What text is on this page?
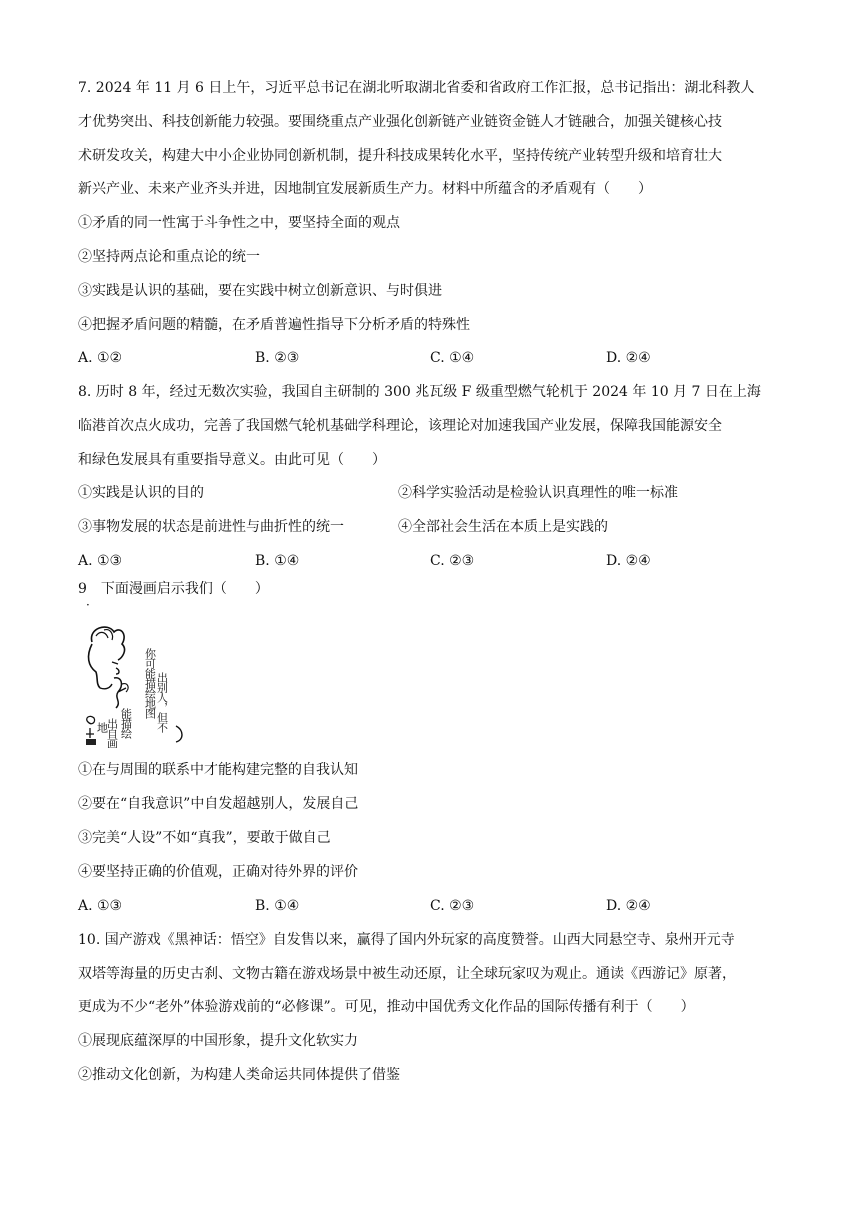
7. 2024 年 11 月 6 日上午，习近平总书记在湖北听取湖北省委和省政府工作汇报，总书记指出：湖北科教人
才优势突出、科技创新能力较强。要围绕重点产业强化创新链产业链资金链人才链融合，加强关键核心技
术研发攻关，构建大中小企业协同创新机制，提升科技成果转化水平，坚持传统产业转型升级和培育壮大
新兴产业、未来产业齐头并进，因地制宜发展新质生产力。材料中所蕴含的矛盾观有（　　）
①矛盾的同一性寓于斗争性之中，要坚持全面的观点
②坚持两点论和重点论的统一
③实践是认识的基础，要在实践中树立创新意识、与时俱进
④把握矛盾问题的精髓，在矛盾普遍性指导下分析矛盾的特殊性
A. ①②	B. ②③	C. ①④	D. ②④
8. 历时 8 年，经过无数次实验，我国自主研制的 300 兆瓦级 F 级重型燃气轮机于 2024 年 10 月 7 日在上海
临港首次点火成功，完善了我国燃气轮机基础学科理论，该理论对加速我国产业发展，保障我国能源安全
和绿色发展具有重要指导意义。由此可见（　　）
①实践是认识的目的	②科学实验活动是检验认识真理性的唯一标准
③事物发展的状态是前进性与曲折性的统一	④全部社会生活在本质上是实践的
A. ①③	B. ①④	C. ②③	D. ②④
9　下面漫画启示我们（　　）
·
你可能描绘地图 出别人，但不
能描绘
出自画
地
①在与周围的联系中才能构建完整的自我认知
②要在“自我意识”中自发超越别人，发展自己
③完美“人设”不如“真我”，要敢于做自己
④要坚持正确的价值观，正确对待外界的评价
A. ①③	B. ①④	C. ②③	D. ②④
10. 国产游戏《黑神话：悟空》自发售以来，赢得了国内外玩家的高度赞誉。山西大同悬空寺、泉州开元寺
双塔等海量的历史古刹、文物古籍在游戏场景中被生动还原，让全球玩家叹为观止。通读《西游记》原著，
更成为不少“老外”体验游戏前的“必修课”。可见，推动中国优秀文化作品的国际传播有利于（　　）
①展现底蕴深厚的中国形象，提升文化软实力
②推动文化创新，为构建人类命运共同体提供了借鉴
